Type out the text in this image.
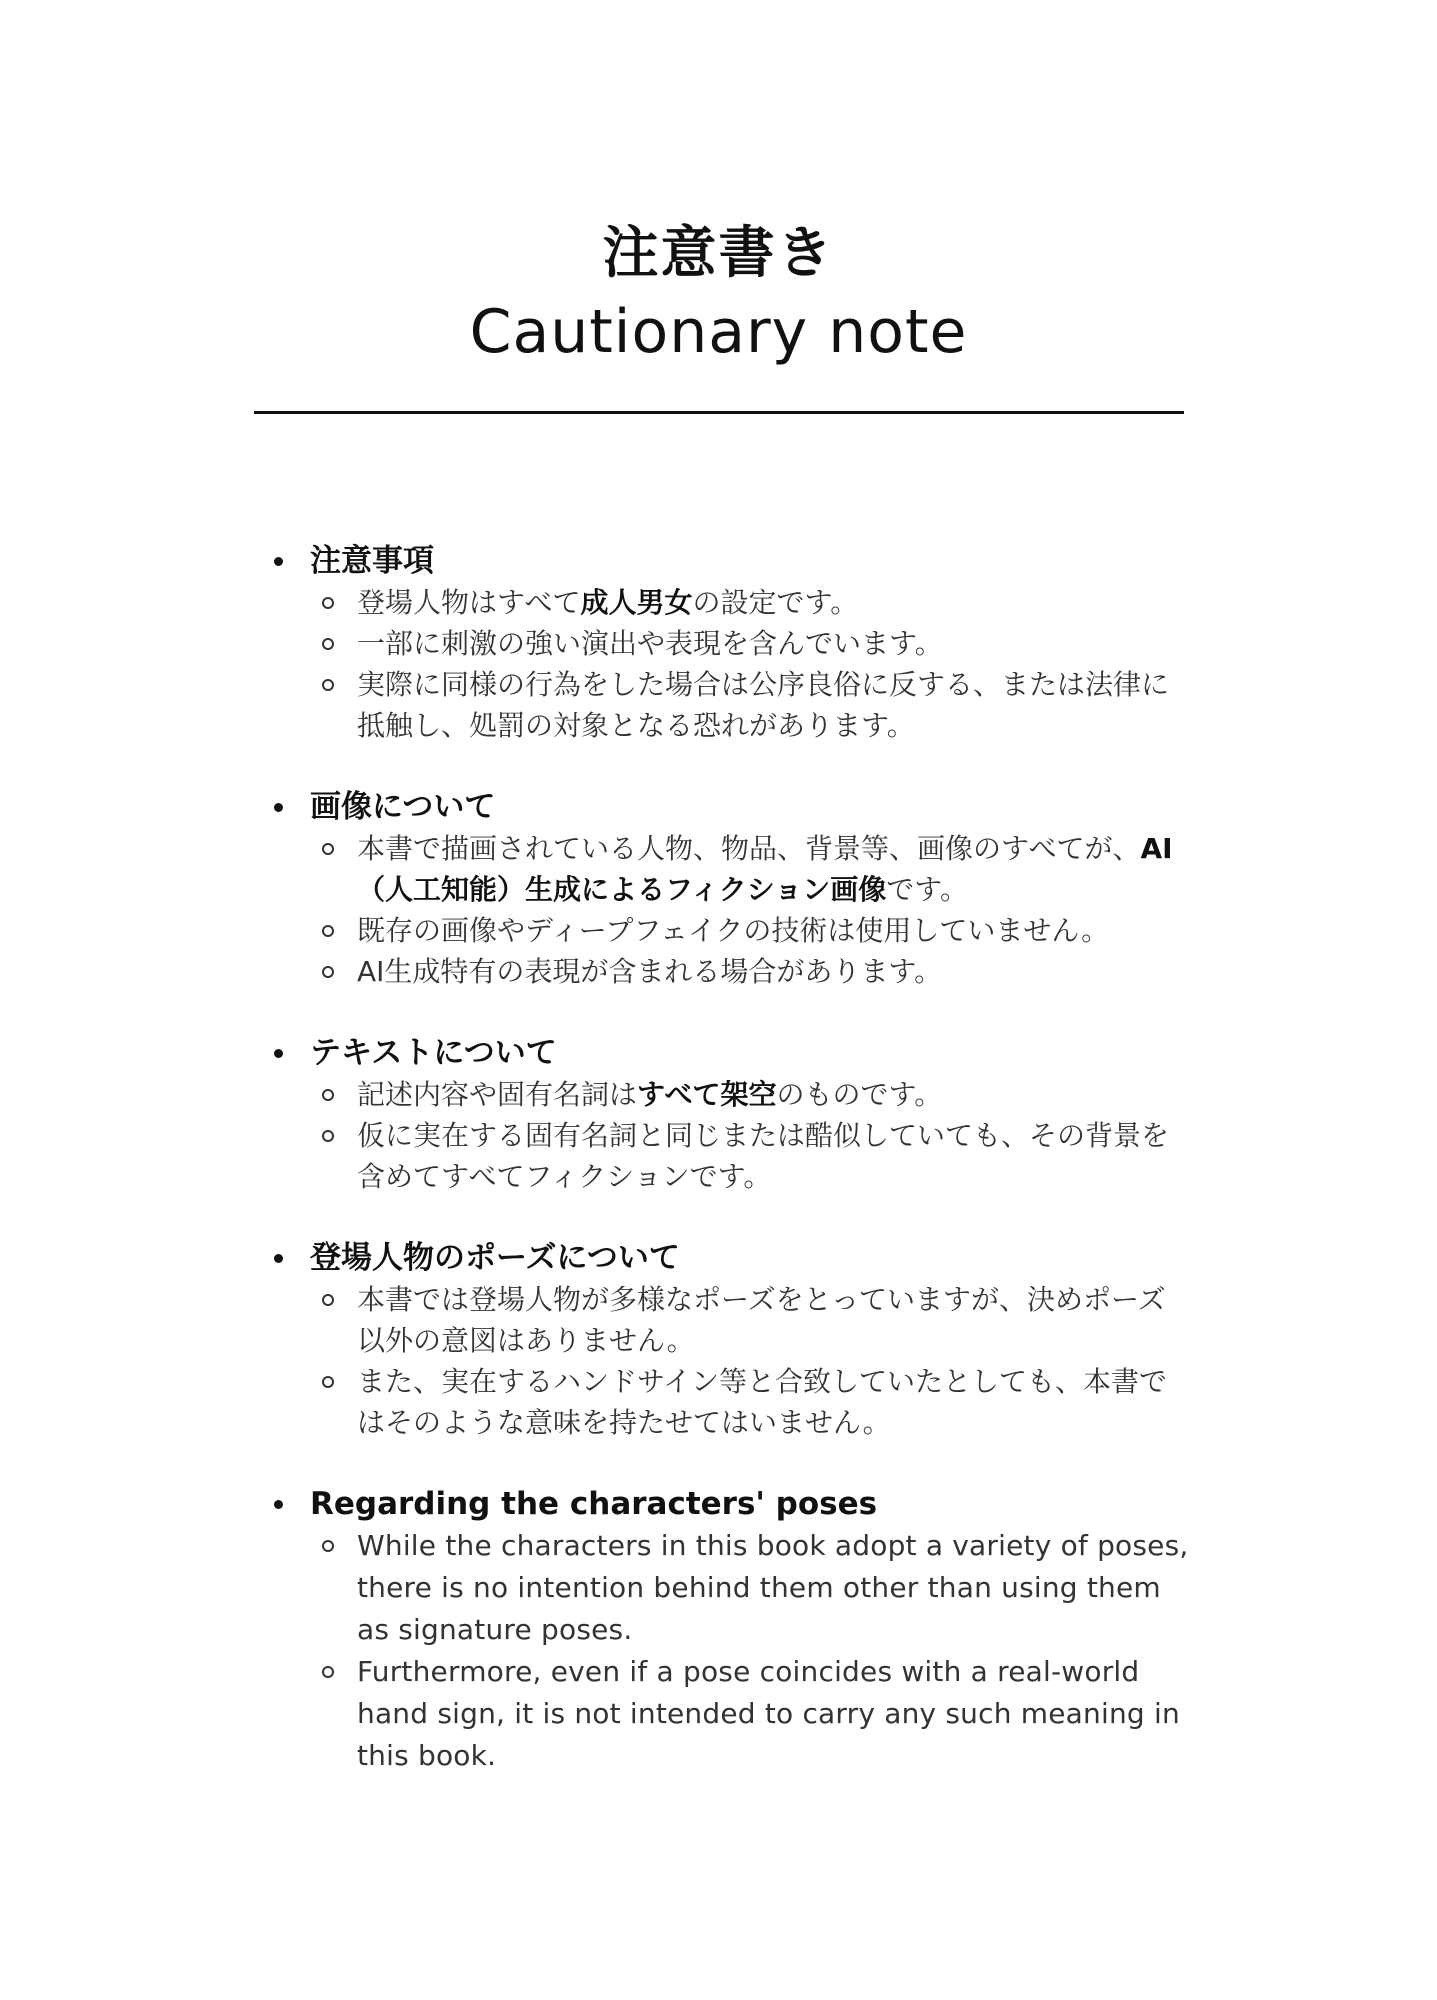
注意書き
Cautionary note
注意事項
登場人物はすべて成人男女の設定です。
一部に刺激の強い演出や表現を含んでいます。
実際に同様の行為をした場合は公序良俗に反する、または法律に抵触し、処罰の対象となる恐れがあります。
画像について
本書で描画されている人物、物品、背景等、画像のすべてが、AI（人工知能）生成によるフィクション画像です。
既存の画像やディープフェイクの技術は使用していません。
AI生成特有の表現が含まれる場合があります。
テキストについて
記述内容や固有名詞はすべて架空のものです。
仮に実在する固有名詞と同じまたは酷似していても、その背景を含めてすべてフィクションです。
登場人物のポーズについて
本書では登場人物が多様なポーズをとっていますが、決めポーズ以外の意図はありません。
また、実在するハンドサイン等と合致していたとしても、本書ではそのような意味を持たせてはいません。
Regarding the characters' poses
While the characters in this book adopt a variety of poses, there is no intention behind them other than using them as signature poses.
Furthermore, even if a pose coincides with a real-world hand sign, it is not intended to carry any such meaning in this book.
